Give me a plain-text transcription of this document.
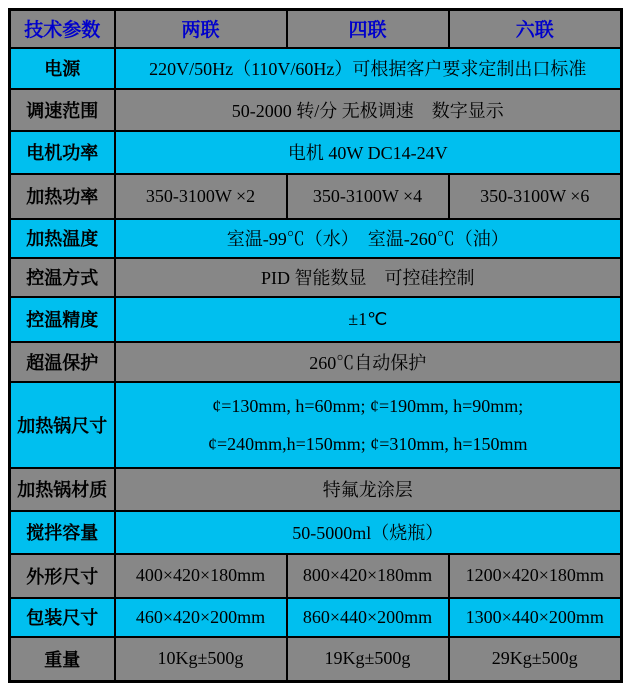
技术参数	两联	四联	六联
电源	220V/50Hz（110V/60Hz）可根据客户要求定制出口标准		
调速范围	50-2000 转/分 无极调速　数字显示		
电机功率	电机 40W DC14-24V		
加热功率	350-3100W ×2	350-3100W ×4	350-3100W ×6
加热温度	室温-99℃（水）　室温-260℃（油）		
控温方式	PID 智能数显　可控硅控制		
控温精度	±1℃		
超温保护	260℃自动保护		
加热锅尺寸	¢=130mm, h=60mm; ¢=190mm, h=90mm;
¢=240mm,h=150mm; ¢=310mm, h=150mm		

加热锅材质	特氟龙涂层		
搅拌容量	50-5000ml（烧瓶）		
外形尺寸	400×420×180mm	800×420×180mm	1200×420×180mm
包装尺寸	460×420×200mm	860×440×200mm	1300×440×200mm
重量	10Kg±500g	19Kg±500g	29Kg±500g
